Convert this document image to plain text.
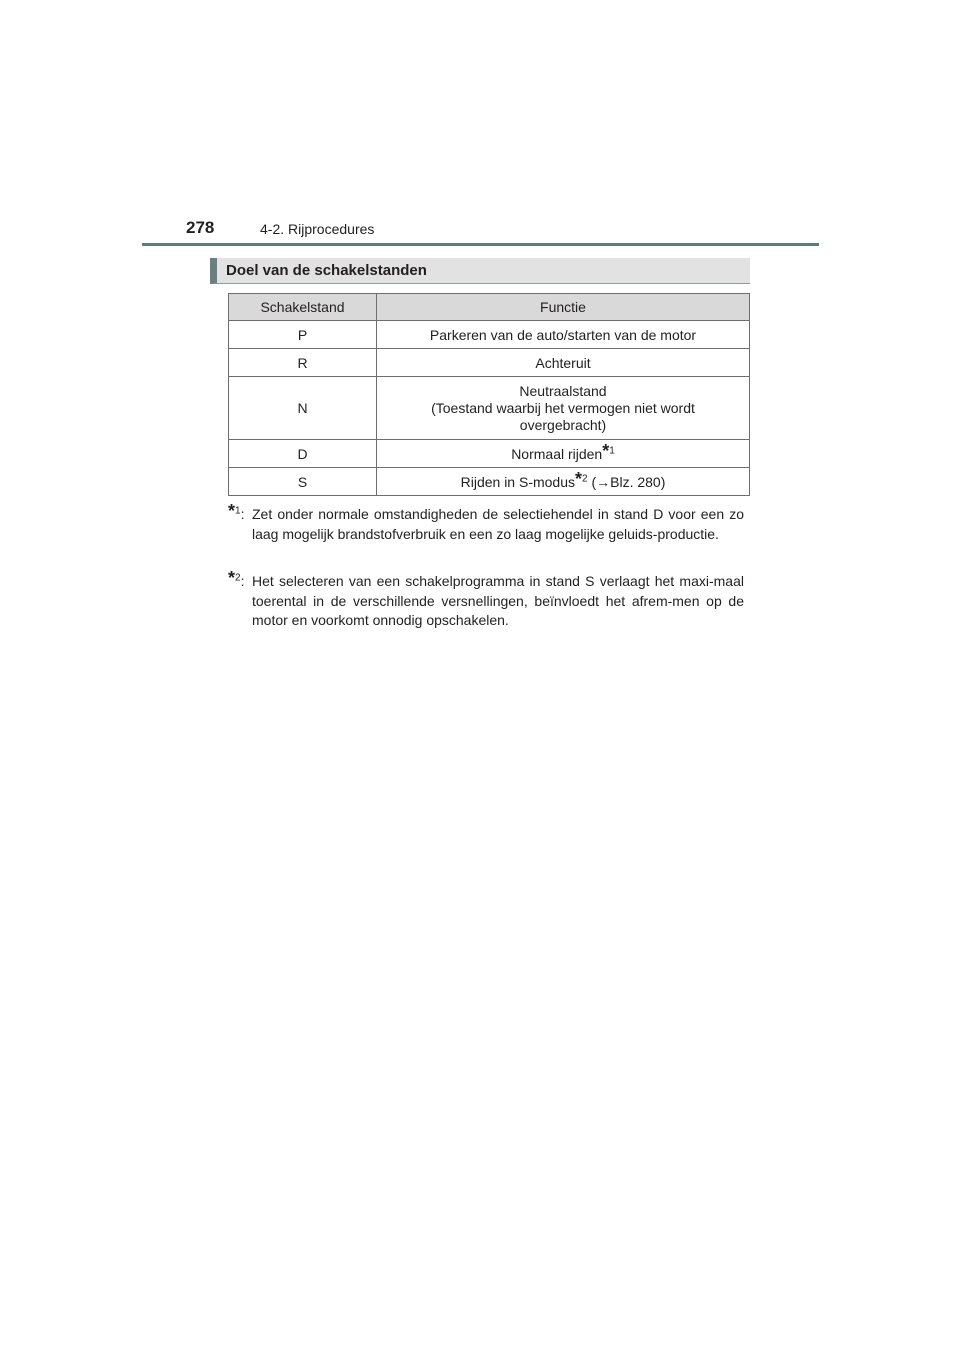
278	4-2. Rijprocedures
Doel van de schakelstanden
Schakelstand	Functie
P	Parkeren van de auto/starten van de motor
R	Achteruit
N	Neutraalstand
(Toestand waarbij het vermogen niet wordt
overgebracht)
D	Normaal rijden*$^1$
S	Rijden in S-modus*$^2$ (→Blz. 280)
*$^1$: Zet onder normale omstandigheden de selectiehendel in stand D voor een zo laag mogelijk brandstofverbruik en een zo laag mogelijke geluids-productie.
*$^2$: Het selecteren van een schakelprogramma in stand S verlaagt het maxi-maal toerental in de verschillende versnellingen, beïnvloedt het afrem-men op de motor en voorkomt onnodig opschakelen.
